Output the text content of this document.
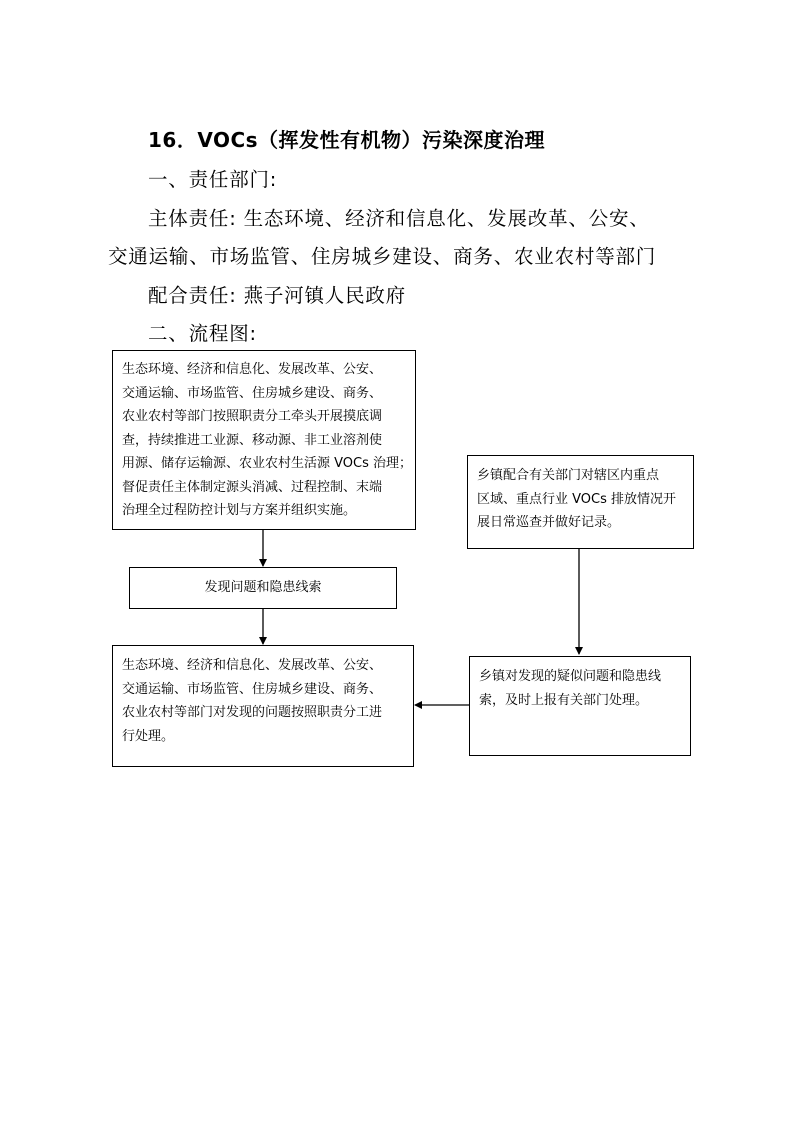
16．VOCs（挥发性有机物）污染深度治理
一、责任部门:
主体责任: 生态环境、经济和信息化、发展改革、公安、
交通运输、市场监管、住房城乡建设、商务、农业农村等部门
配合责任: 燕子河镇人民政府
二、流程图:
生态环境、经济和信息化、发展改革、公安、
交通运输、市场监管、住房城乡建设、商务、
农业农村等部门按照职责分工牵头开展摸底调
查，持续推进工业源、移动源、非工业溶剂使
用源、储存运输源、农业农村生活源 VOCs 治理；
督促责任主体制定源头消减、过程控制、末端
治理全过程防控计划与方案并组织实施。
发现问题和隐患线索
生态环境、经济和信息化、发展改革、公安、
交通运输、市场监管、住房城乡建设、商务、
农业农村等部门对发现的问题按照职责分工进
行处理。
乡镇配合有关部门对辖区内重点
区域、重点行业 VOCs 排放情况开
展日常巡查并做好记录。
乡镇对发现的疑似问题和隐患线
索，及时上报有关部门处理。
